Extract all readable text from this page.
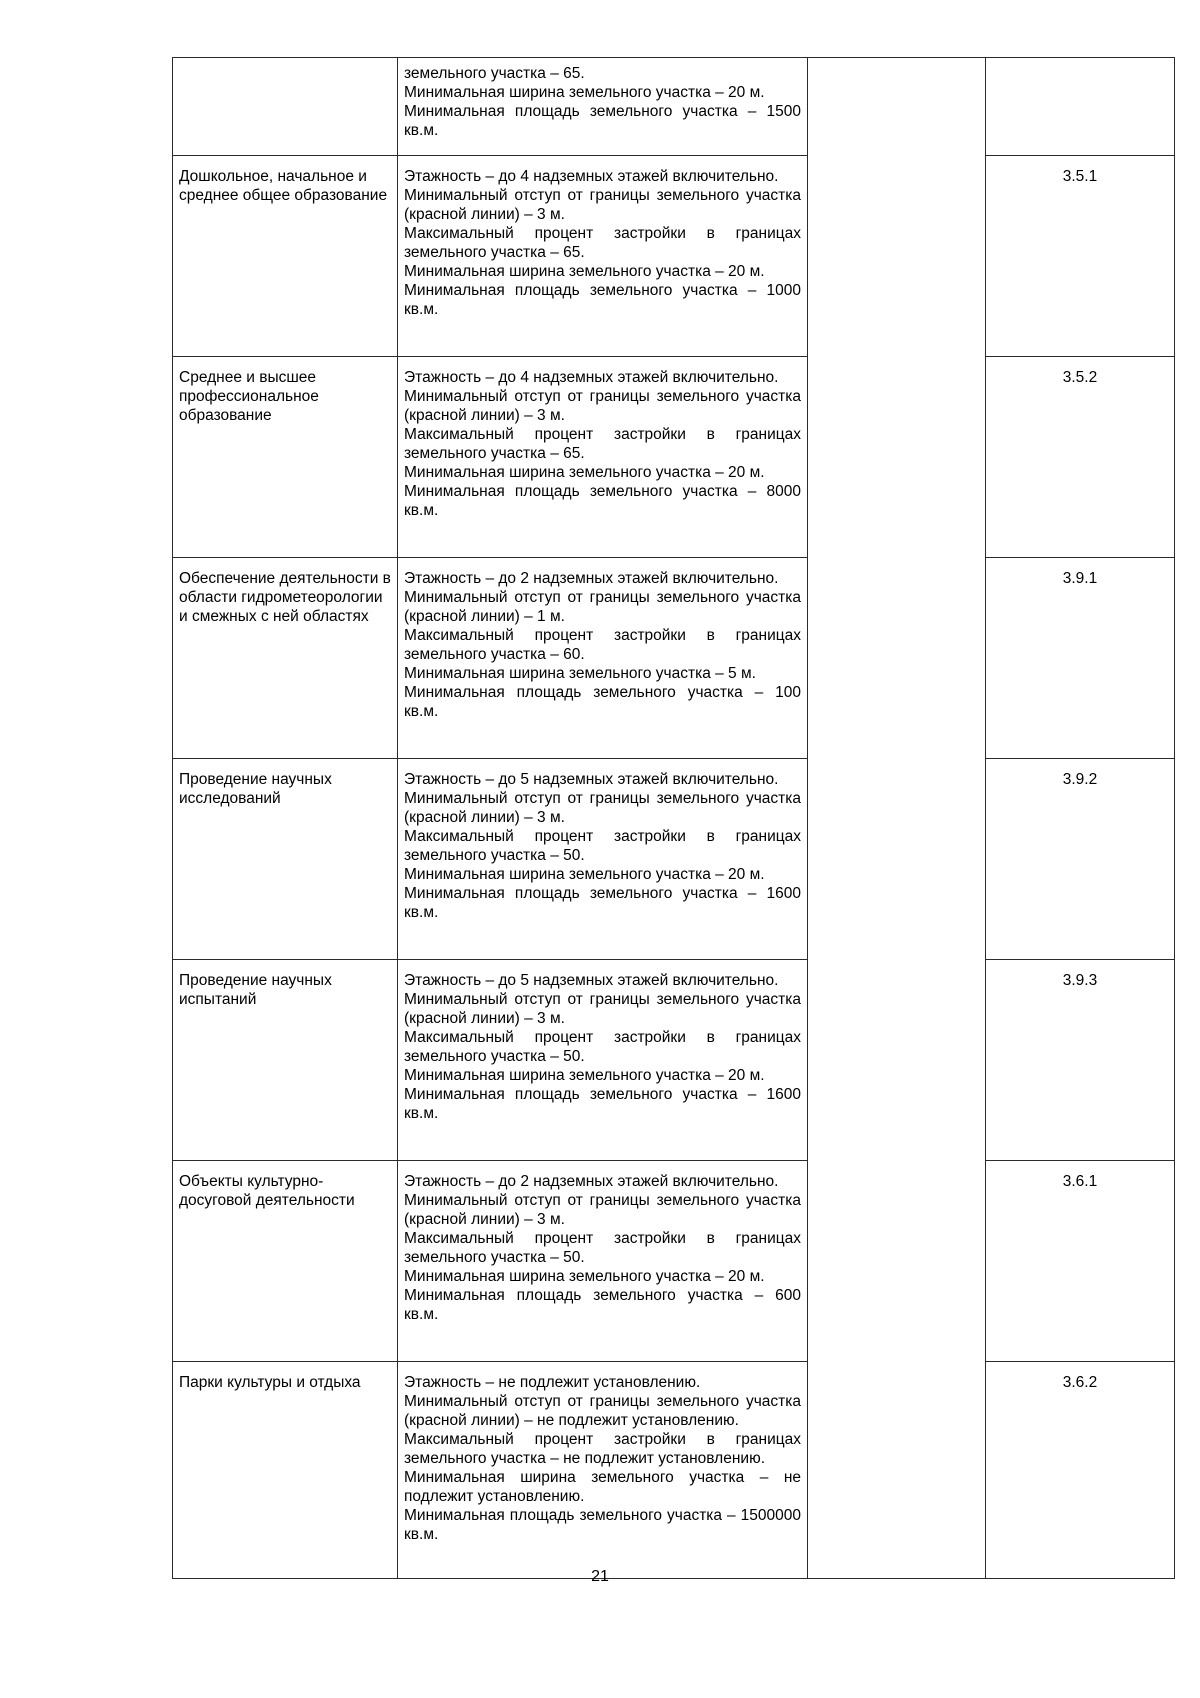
	земельного участка – 65.
Минимальная ширина земельного участка – 20 м.
Минимальная площадь земельного участка – 1500 кв.м.		

Дошкольное, начальное и среднее общее образование	Этажность – до 4 надземных этажей включительно.
Минимальный отступ от границы земельного участка (красной линии) – 3 м.
Максимальный процент застройки в границах земельного участка – 65.
Минимальная ширина земельного участка – 20 м.
Минимальная площадь земельного участка – 1000 кв.м.		3.5.1
Среднее и высшее профессиональное образование	Этажность – до 4 надземных этажей включительно.
Минимальный отступ от границы земельного участка (красной линии) – 3 м.
Максимальный процент застройки в границах земельного участка – 65.
Минимальная ширина земельного участка – 20 м.
Минимальная площадь земельного участка – 8000 кв.м.		3.5.2
Обеспечение деятельности в области гидрометеорологии и смежных с ней областях	Этажность – до 2 надземных этажей включительно.
Минимальный отступ от границы земельного участка (красной линии) – 1 м.
Максимальный процент застройки в границах земельного участка – 60.
Минимальная ширина земельного участка – 5 м.
Минимальная площадь земельного участка – 100 кв.м.		3.9.1
Проведение научных исследований	Этажность – до 5 надземных этажей включительно.
Минимальный отступ от границы земельного участка (красной линии) – 3 м.
Максимальный процент застройки в границах земельного участка – 50.
Минимальная ширина земельного участка – 20 м.
Минимальная площадь земельного участка – 1600 кв.м.		3.9.2
Проведение научных испытаний	Этажность – до 5 надземных этажей включительно.
Минимальный отступ от границы земельного участка (красной линии) – 3 м.
Максимальный процент застройки в границах земельного участка – 50.
Минимальная ширина земельного участка – 20 м.
Минимальная площадь земельного участка – 1600 кв.м.		3.9.3
Объекты культурно-досуговой деятельности	Этажность – до 2 надземных этажей включительно.
Минимальный отступ от границы земельного участка (красной линии) – 3 м.
Максимальный процент застройки в границах земельного участка – 50.
Минимальная ширина земельного участка – 20 м.
Минимальная площадь земельного участка – 600 кв.м.		3.6.1
Парки культуры и отдыха	Этажность – не подлежит установлению.
Минимальный отступ от границы земельного участка (красной линии) – не подлежит установлению.
Максимальный процент застройки в границах земельного участка – не подлежит установлению.
Минимальная ширина земельного участка – не подлежит установлению.
Минимальная площадь земельного участка – 1500000 кв.м.		3.6.2
21
